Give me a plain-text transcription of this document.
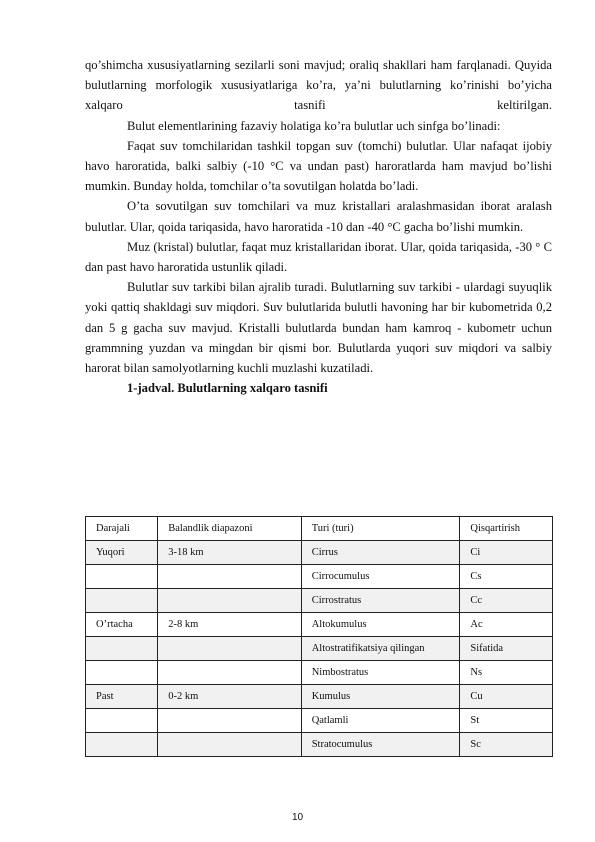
qo’shimcha xususiyatlarning sezilarli soni mavjud; oraliq shakllari ham farqlanadi. Quyida bulutlarning morfologik xususiyatlariga ko’ra, ya’ni bulutlarning ko’rinishi bo’yicha xalqaro tasnifi keltirilgan.

Bulut elementlarining fazaviy holatiga ko’ra bulutlar uch sinfga bo’linadi:

Faqat suv tomchilaridan tashkil topgan suv (tomchi) bulutlar. Ular nafaqat ijobiy havo haroratida, balki salbiy (-10 °C va undan past) haroratlarda ham mavjud bo’lishi mumkin. Bunday holda, tomchilar o’ta sovutilgan holatda bo’ladi.

O’ta sovutilgan suv tomchilari va muz kristallari aralashmasidan iborat aralash bulutlar. Ular, qoida tariqasida, havo haroratida -10 dan -40 °C gacha bo’lishi mumkin.

Muz (kristal) bulutlar, faqat muz kristallaridan iborat. Ular, qoida tariqasida, -30 ° C dan past havo haroratida ustunlik qiladi.

Bulutlar suv tarkibi bilan ajralib turadi. Bulutlarning suv tarkibi - ulardagi suyuqlik yoki qattiq shakldagi suv miqdori. Suv bulutlarida bulutli havoning har bir kubometrida 0,2 dan 5 g gacha suv mavjud. Kristalli bulutlarda bundan ham kamroq - kubometr uchun grammning yuzdan va mingdan bir qismi bor. Bulutlarda yuqori suv miqdori va salbiy harorat bilan samolyotlarning kuchli muzlashi kuzatiladi.

1-jadval. Bulutlarning xalqaro tasnifi
Darajali	Balandlik diapazoni	Turi (turi)	Qisqartirish
Yuqori	3-18 km	Cirrus	Ci
		Cirrocumulus	Cs
		Cirrostratus	Cc
O’rtacha	2-8 km	Altokumulus	Ac
		Altostratifikatsiya qilingan	Sifatida
		Nimbostratus	Ns
Past	0-2 km	Kumulus	Cu
		Qatlamli	St
		Stratocumulus	Sc
10
